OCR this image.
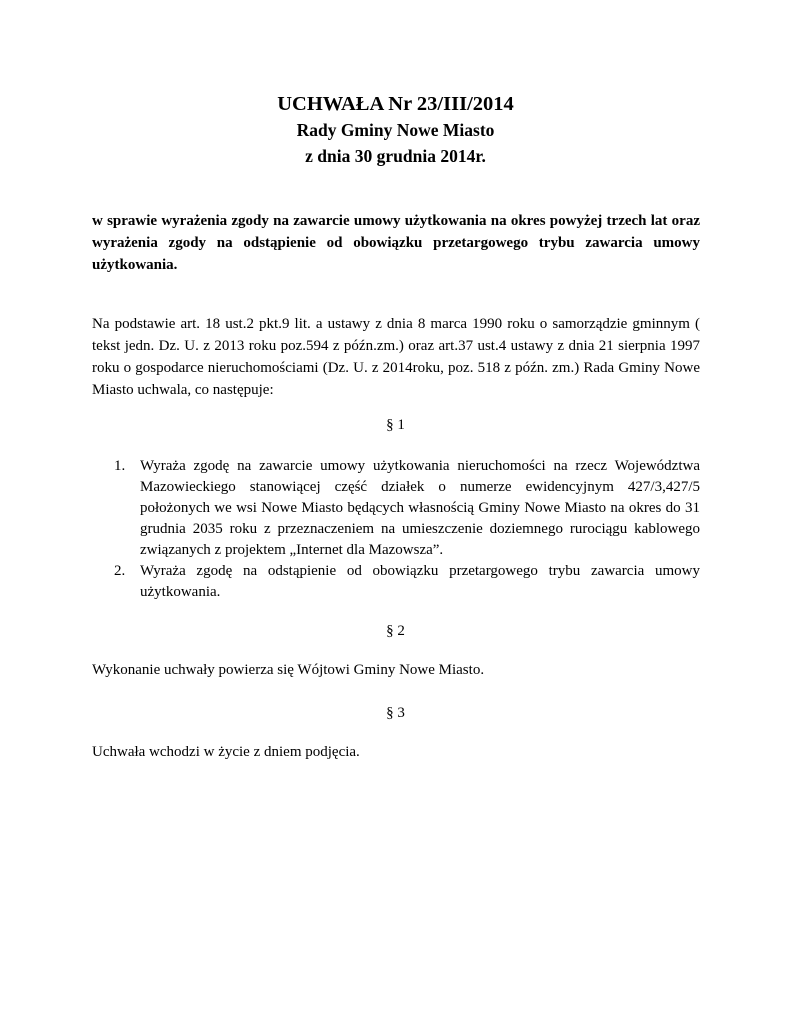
UCHWAŁA Nr 23/III/2014
Rady Gminy Nowe Miasto
z dnia 30 grudnia 2014r.

w sprawie wyrażenia zgody na zawarcie umowy użytkowania na okres powyżej trzech lat oraz wyrażenia zgody na odstąpienie od obowiązku przetargowego trybu zawarcia umowy użytkowania.

Na podstawie art. 18 ust.2 pkt.9 lit. a ustawy z dnia 8 marca 1990 roku o samorządzie gminnym ( tekst jedn. Dz. U. z 2013 roku poz.594 z późn.zm.) oraz art.37 ust.4 ustawy z dnia 21 sierpnia 1997 roku o gospodarce nieruchomościami (Dz. U. z 2014roku, poz. 518 z późn. zm.) Rada Gminy Nowe Miasto uchwala, co następuje:

§ 1

1. Wyraża zgodę na zawarcie umowy użytkowania nieruchomości na rzecz Województwa Mazowieckiego stanowiącej część działek o numerze ewidencyjnym 427/3,427/5 położonych we wsi Nowe Miasto będących własnością Gminy Nowe Miasto na okres do 31 grudnia 2035 roku z przeznaczeniem na umieszczenie doziemnego rurociągu kablowego związanych z projektem „Internet dla Mazowsza”.
2. Wyraża zgodę na odstąpienie od obowiązku przetargowego trybu zawarcia umowy użytkowania.

§ 2

Wykonanie uchwały powierza się Wójtowi Gminy Nowe Miasto.

§ 3

Uchwała wchodzi w życie z dniem podjęcia.
